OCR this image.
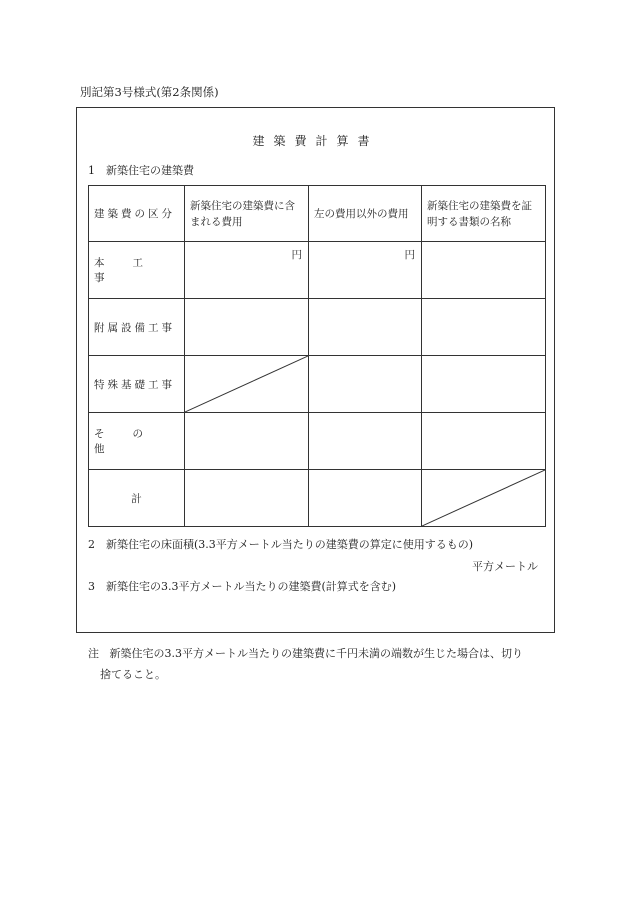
別記第3号様式(第2条関係)
建築費計算書
1 新築住宅の建築費
建築費の区分	新築住宅の建築費に含まれる費用	左の費用以外の費用	新築住宅の建築費を証明する書類の名称
本工事	円	円	

附属設備工事			
特殊基礎工事	

その他			
計			
2 新築住宅の床面積(3.3平方メートル当たりの建築費の算定に使用するもの)
平方メートル
3 新築住宅の3.3平方メートル当たりの建築費(計算式を含む)
注 新築住宅の3.3平方メートル当たりの建築費に千円未満の端数が生じた場合は、切り
捨てること。
